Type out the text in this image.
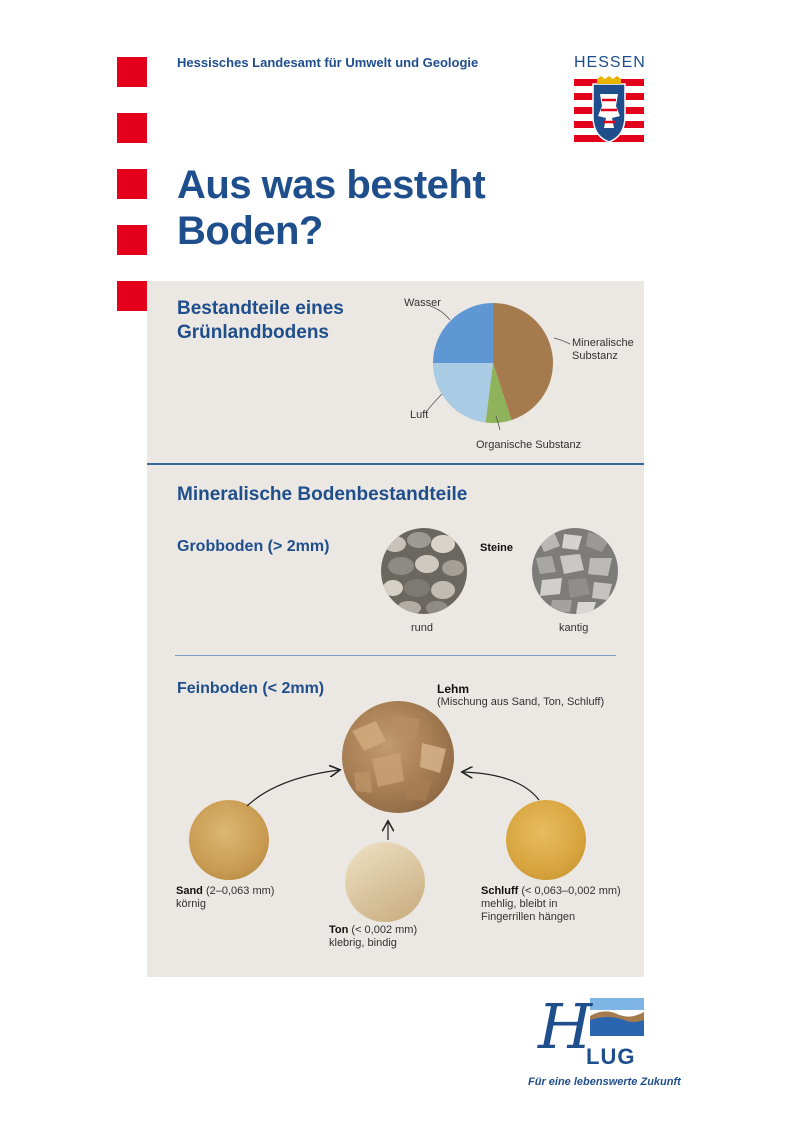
Hessisches Landesamt für Umwelt und Geologie	HESSEN
Aus was besteht
Boden?
Bestandteile eines
Grünlandbodens
Wasser
Mineralische
Substanz
Luft
Organische Substanz
Mineralische Bodenbestandteile
Grobboden (> 2mm)	Steine
rund	kantig
Feinboden (< 2mm)	Lehm
(Mischung aus Sand, Ton, Schluff)
Sand (2–0,063 mm)
körnig
Ton (< 0,002 mm)
klebrig, bindig
Schluff (< 0,063–0,002 mm)
mehlig, bleibt in
Fingerrillen hängen
H
LUG
Für eine lebenswerte Zukunft
